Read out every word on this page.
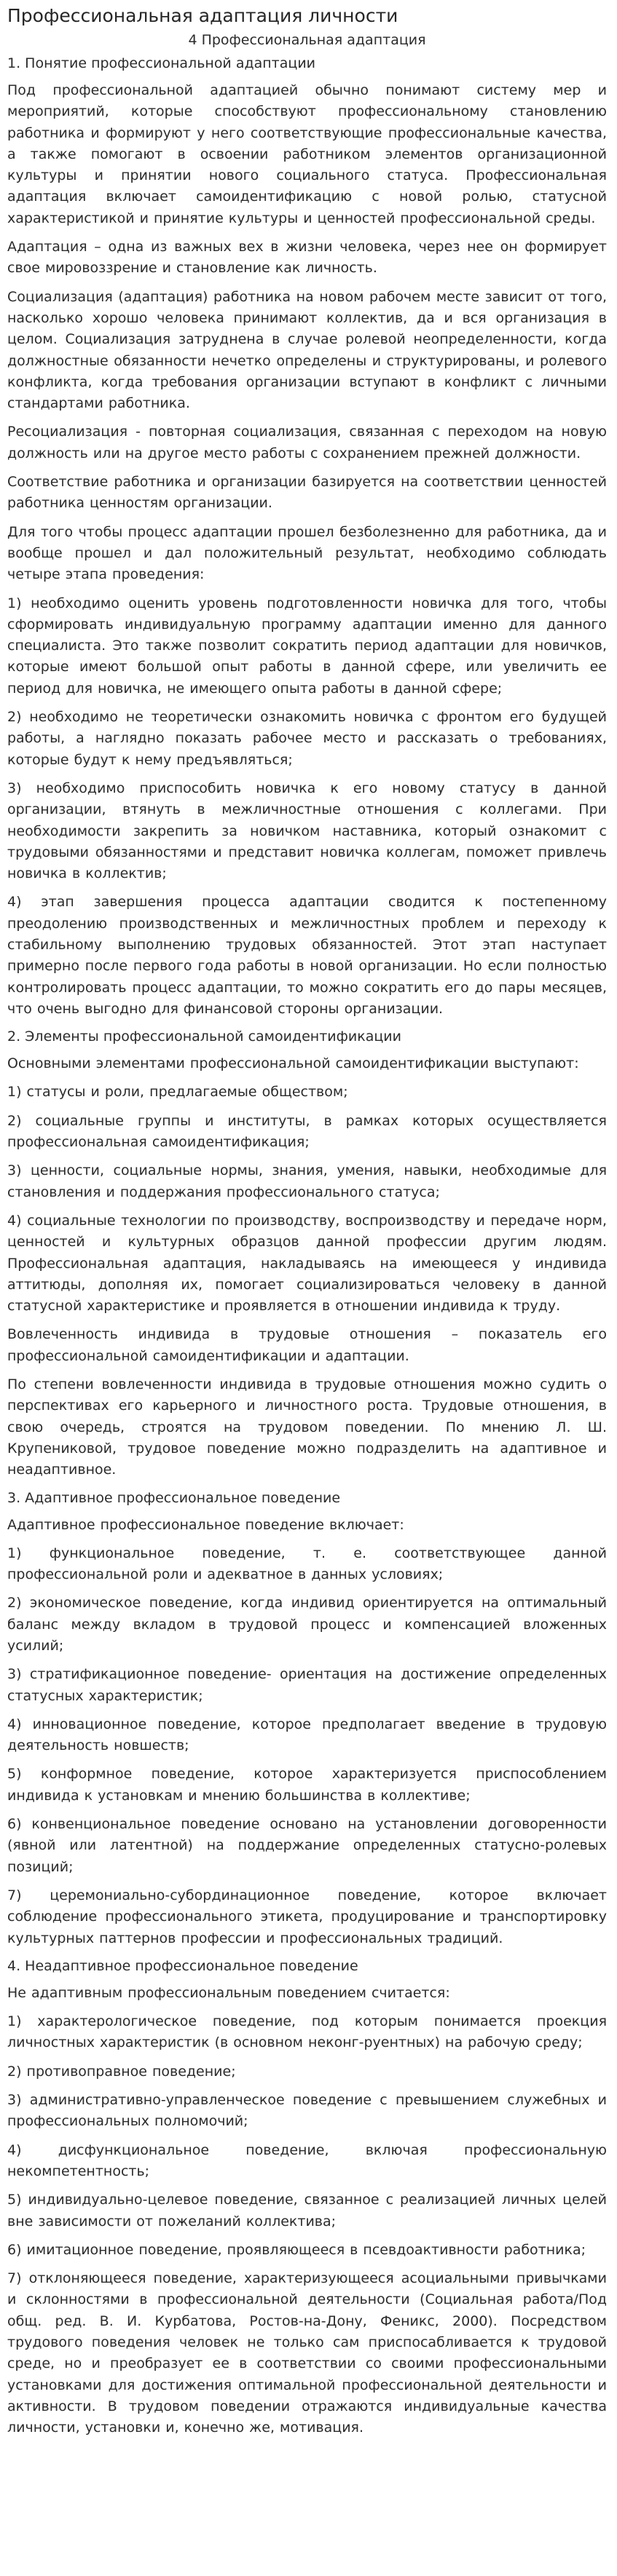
Профессиональная адаптация личности
4 Профессиональная адаптация
1. Понятие профессиональной адаптации

Под профессиональной адаптацией обычно понимают систему мер и мероприятий, которые способствуют профессиональному становлению работника и формируют у него соответствующие профессиональные качества, а также помогают в освоении работником элементов организационной культуры и принятии нового социального статуса. Профессиональная адаптация включает самоидентификацию с новой ролью, статусной характеристикой и принятие культуры и ценностей профессиональной среды.

Адаптация – одна из важных вех в жизни человека, через нее он формирует свое мировоззрение и становление как личность.

Социализация (адаптация) работника на новом рабочем месте зависит от того, насколько хорошо человека принимают коллектив, да и вся организация в целом. Социализация затруднена в случае ролевой неопределенности, когда должностные обязанности нечетко определены и структурированы, и ролевого конфликта, когда требования организации вступают в конфликт с личными стандартами работника.

Ресоциализация - повторная социализация, связанная с переходом на новую должность или на другое место работы с сохранением прежней должности.

Соответствие работника и организации базируется на соответствии ценностей работника ценностям организации.

Для того чтобы процесс адаптации прошел безболезненно для работника, да и вообще прошел и дал положительный результат, необходимо соблюдать четыре этапа проведения:

1) необходимо оценить уровень подготовленности новичка для того, чтобы сформировать индивидуальную программу адаптации именно для данного специалиста. Это также позволит сократить период адаптации для новичков, которые имеют большой опыт работы в данной сфере, или увеличить ее период для новичка, не имеющего опыта работы в данной сфере;

2) необходимо не теоретически ознакомить новичка с фронтом его будущей работы, а наглядно показать рабочее место и рассказать о требованиях, которые будут к нему предъявляться;

3) необходимо приспособить новичка к его новому статусу в данной организации, втянуть в межличностные отношения с коллегами. При необходимости закрепить за новичком наставника, который ознакомит с трудовыми обязанностями и представит новичка коллегам, поможет привлечь новичка в коллектив;

4) этап завершения процесса адаптации сводится к постепенному преодолению производственных и межличностных проблем и переходу к стабильному выполнению трудовых обязанностей. Этот этап наступает примерно после первого года работы в новой организации. Но если полностью контролировать процесс адаптации, то можно сократить его до пары месяцев, что очень выгодно для финансовой стороны организации.

2. Элементы профессиональной самоидентификации

Основными элементами профессиональной самоидентификации выступают:

1) статусы и роли, предлагаемые обществом;

2) социальные группы и институты, в рамках которых осуществляется профессиональная самоидентификация;

3) ценности, социальные нормы, знания, умения, навыки, необходимые для становления и поддержания профессионального статуса;

4) социальные технологии по производству, воспроизводству и передаче норм, ценностей и культурных образцов данной профессии другим людям. Профессиональная адаптация, накладываясь на имеющееся у индивида аттитюды, дополняя их, помогает социализироваться человеку в данной статусной характеристике и проявляется в отношении индивида к труду.

Вовлеченность индивида в трудовые отношения – показатель его профессиональной самоидентификации и адаптации.

По степени вовлеченности индивида в трудовые отношения можно судить о перспективах его карьерного и личностного роста. Трудовые отношения, в свою очередь, строятся на трудовом поведении. По мнению Л. Ш. Крупениковой, трудовое поведение можно подразделить на адаптивное и неадаптивное.

3. Адаптивное профессиональное поведение

Адаптивное профессиональное поведение включает:

1) функциональное поведение, т. е. соответствующее данной профессиональной роли и адекватное в данных условиях;

2) экономическое поведение, когда индивид ориентируется на оптимальный баланс между вкладом в трудовой процесс и компенсацией вложенных усилий;

3) стратификационное поведение- ориентация на достижение определенных статусных характеристик;

4) инновационное поведение, которое предполагает введение в трудовую деятельность новшеств;

5) конформное поведение, которое характеризуется приспособлением индивида к установкам и мнению большинства в коллективе;

6) конвенциональное поведение основано на установлении договоренности (явной или латентной) на поддержание определенных статусно-ролевых позиций;

7) церемониально-субординационное поведение, которое включает соблюдение профессионального этикета, продуцирование и транспортировку культурных паттернов профессии и профессиональных традиций.

4. Неадаптивное профессиональное поведение

Не адаптивным профессиональным поведением считается:

1) характерологическое поведение, под которым понимается проекция личностных характеристик (в основном неконг-руентных) на рабочую среду;

2) противоправное поведение;

3) административно-управленческое поведение с превышением служебных и профессиональных полномочий;

4) дисфункциональное поведение, включая профессиональную некомпетентность;

5) индивидуально-целевое поведение, связанное с реализацией личных целей вне зависимости от пожеланий коллектива;

6) имитационное поведение, проявляющееся в псевдоактивности работника;

7) отклоняющееся поведение, характеризующееся асоциальными привычками и склонностями в профессиональной деятельности (Социальная работа/Под общ. ред. В. И. Курбатова, Ростов-на-Дону, Феникс, 2000). Посредством трудового поведения человек не только сам приспосабливается к трудовой среде, но и преобразует ее в соответствии со своими профессиональными установками для достижения оптимальной профессиональной деятельности и активности. В трудовом поведении отражаются индивидуальные качества личности, установки и, конечно же, мотивация.
